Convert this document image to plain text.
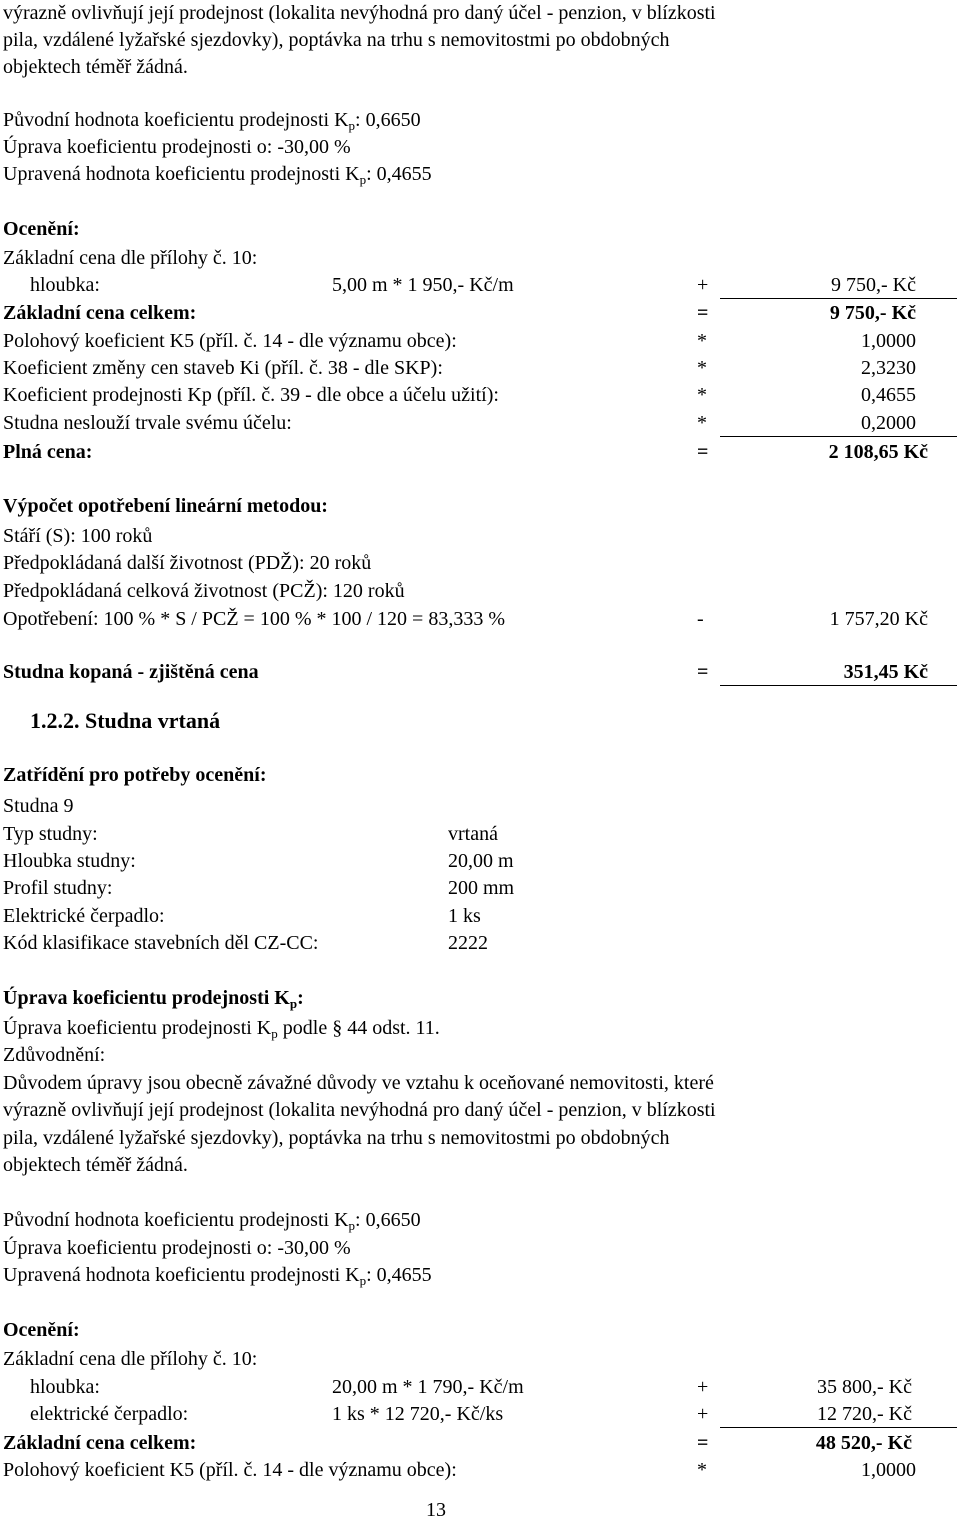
výrazně ovlivňují její prodejnost (lokalita nevýhodná pro daný účel - penzion, v blízkosti
pila, vzdálené lyžařské sjezdovky), poptávka na trhu s nemovitostmi po obdobných
objektech téměř žádná.
Původní hodnota koeficientu prodejnosti $K_p$: 0,6650
Úprava koeficientu prodejnosti o: -30,00 %
Upravená hodnota koeficientu prodejnosti $K_p$: 0,4655
Ocenění:
Základní cena dle přílohy č. 10:
hloubka:	5,00 m * 1 950,- Kč/m	+	9 750,- Kč
Základní cena celkem:	=	9 750,- Kč
Polohový koeficient K5 (příl. č. 14 - dle významu obce):	*	1,0000
Koeficient změny cen staveb Ki (příl. č. 38 - dle SKP):	*	2,3230
Koeficient prodejnosti Kp (příl. č. 39 - dle obce a účelu užití):	*	0,4655
Studna neslouží trvale svému účelu:	*	0,2000
Plná cena:	=	2 108,65 Kč
Výpočet opotřebení lineární metodou:
Stáří (S): 100 roků
Předpokládaná další životnost (PDŽ): 20 roků
Předpokládaná celková životnost (PCŽ): 120 roků
Opotřebení: 100 % * S / PCŽ = 100 % * 100 / 120 = 83,333 %	-	1 757,20 Kč
Studna kopaná - zjištěná cena	=	351,45 Kč
1.2.2. Studna vrtaná
Zatřídění pro potřeby ocenění:
Studna 9
Typ studny:	vrtaná
Hloubka studny:	20,00 m
Profil studny:	200 mm
Elektrické čerpadlo:	1 ks
Kód klasifikace stavebních děl CZ-CC:	2222
Úprava koeficientu prodejnosti $K_p$:
Úprava koeficientu prodejnosti $K_p$ podle § 44 odst. 11.
Zdůvodnění:
Důvodem úpravy jsou obecně závažné důvody ve vztahu k oceňované nemovitosti, které
výrazně ovlivňují její prodejnost (lokalita nevýhodná pro daný účel - penzion, v blízkosti
pila, vzdálené lyžařské sjezdovky), poptávka na trhu s nemovitostmi po obdobných
objektech téměř žádná.
Původní hodnota koeficientu prodejnosti $K_p$: 0,6650
Úprava koeficientu prodejnosti o: -30,00 %
Upravená hodnota koeficientu prodejnosti $K_p$: 0,4655
Ocenění:
Základní cena dle přílohy č. 10:
hloubka:	20,00 m * 1 790,- Kč/m	+	35 800,- Kč
elektrické čerpadlo:	1 ks * 12 720,- Kč/ks	+	12 720,- Kč
Základní cena celkem:	=	48 520,- Kč
Polohový koeficient K5 (příl. č. 14 - dle významu obce):	*	1,0000
13
